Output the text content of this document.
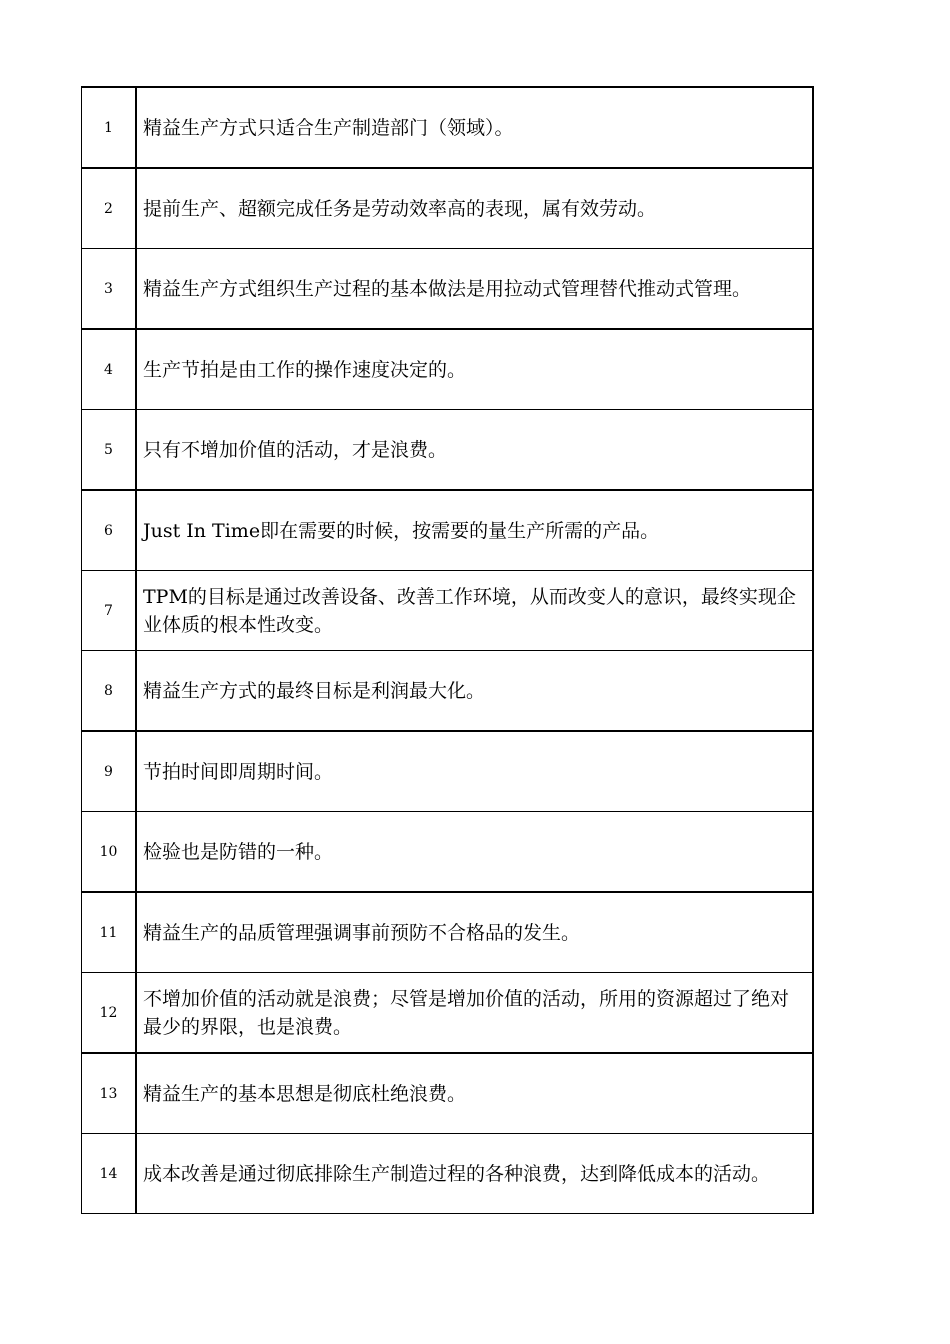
1	精益生产方式只适合生产制造部门（领域）。
2	提前生产、超额完成任务是劳动效率高的表现，属有效劳动。
3	精益生产方式组织生产过程的基本做法是用拉动式管理替代推动式管理。
4	生产节拍是由工作的操作速度决定的。
5	只有不增加价值的活动，才是浪费。
6	Just In Time即在需要的时候，按需要的量生产所需的产品。
7	TPM的目标是通过改善设备、改善工作环境，从而改变人的意识，最终实现企业体质的根本性改变。
8	精益生产方式的最终目标是利润最大化。
9	节拍时间即周期时间。
10	检验也是防错的一种。
11	精益生产的品质管理强调事前预防不合格品的发生。
12	不增加价值的活动就是浪费；尽管是增加价值的活动，所用的资源超过了绝对最少的界限，也是浪费。
13	精益生产的基本思想是彻底杜绝浪费。
14	成本改善是通过彻底排除生产制造过程的各种浪费，达到降低成本的活动。
